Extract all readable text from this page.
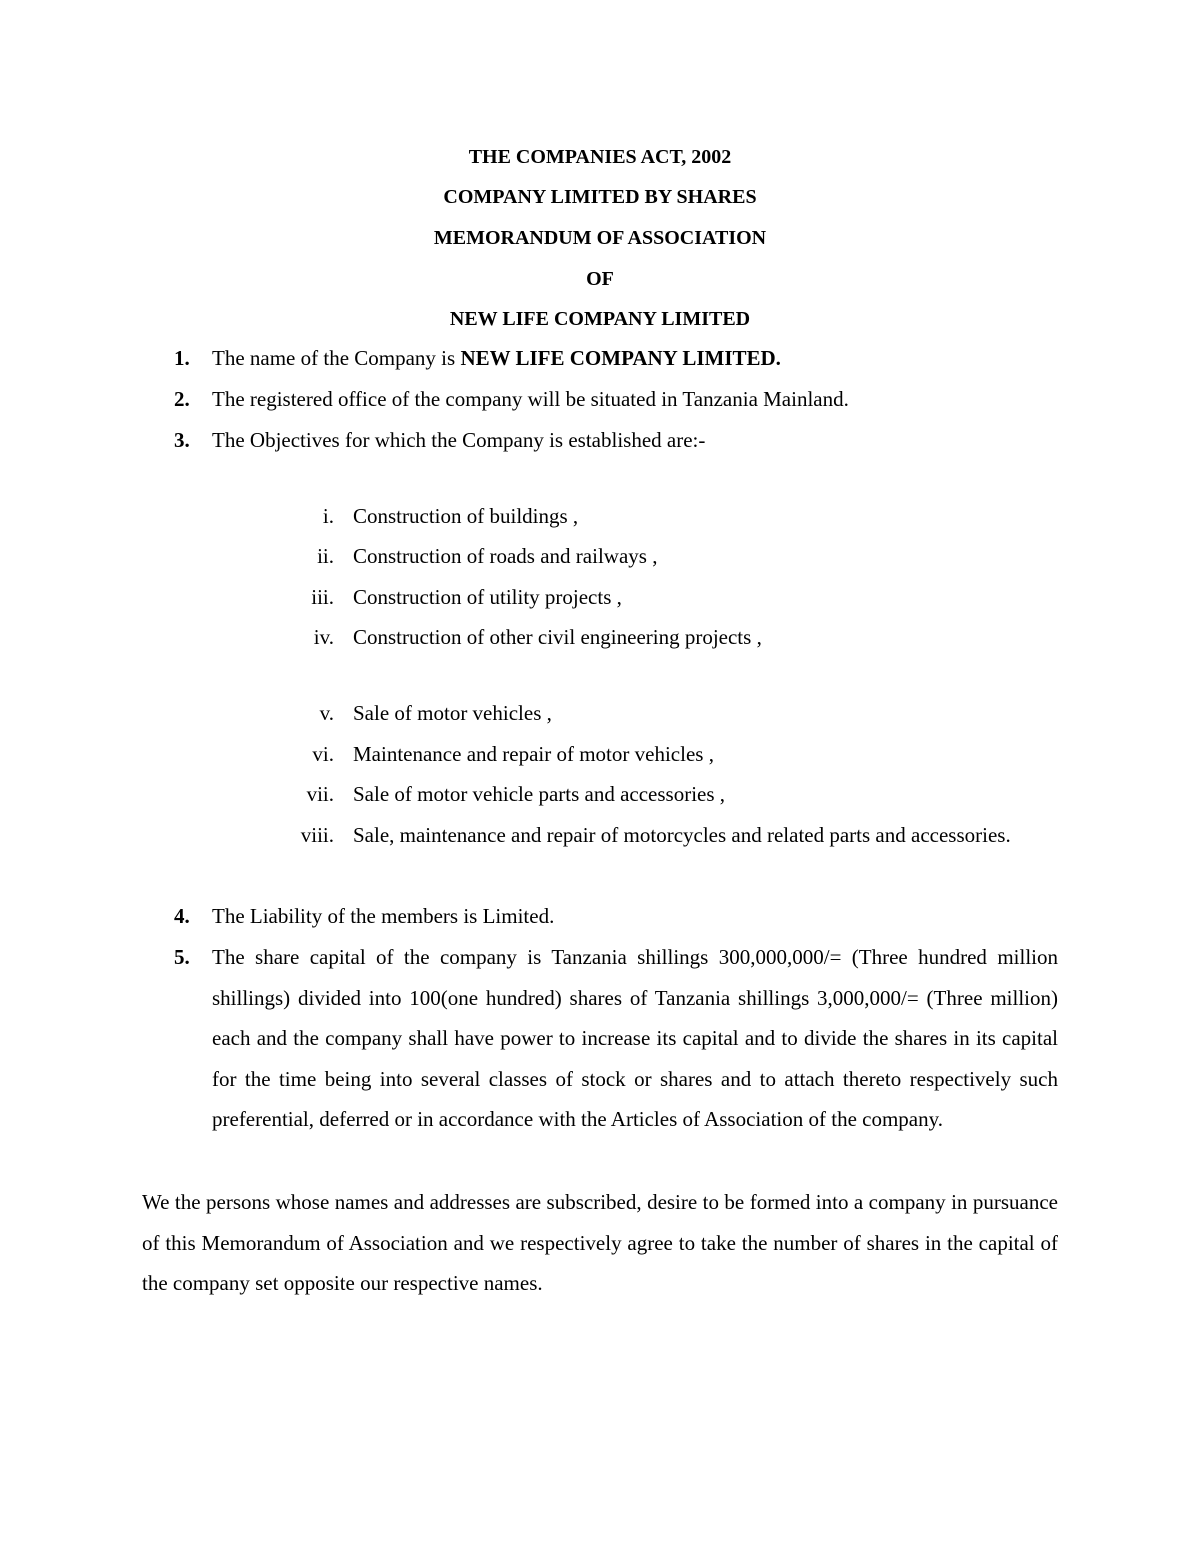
THE COMPANIES ACT, 2002
COMPANY LIMITED BY SHARES
MEMORANDUM OF ASSOCIATION
OF
NEW LIFE COMPANY LIMITED
1. The name of the Company is NEW LIFE COMPANY LIMITED.
2. The registered office of the company will be situated in Tanzania Mainland.
3. The Objectives for which the Company is established are:-
i. Construction of buildings ,
ii. Construction of roads and railways ,
iii. Construction of utility projects ,
iv. Construction of other civil engineering projects ,
v. Sale of motor vehicles ,
vi. Maintenance and repair of motor vehicles ,
vii. Sale of motor vehicle parts and accessories ,
viii. Sale, maintenance and repair of motorcycles and related parts and accessories.
4. The Liability of the members is Limited.
5. The share capital of the company is Tanzania shillings 300,000,000/= (Three hundred million shillings) divided into 100(one hundred) shares of Tanzania shillings 3,000,000/= (Three million) each and the company shall have power to increase its capital and to divide the shares in its capital for the time being into several classes of stock or shares and to attach thereto respectively such preferential, deferred or in accordance with the Articles of Association of the company.
We the persons whose names and addresses are subscribed, desire to be formed into a company in pursuance of this Memorandum of Association and we respectively agree to take the number of shares in the capital of the company set opposite our respective names.
